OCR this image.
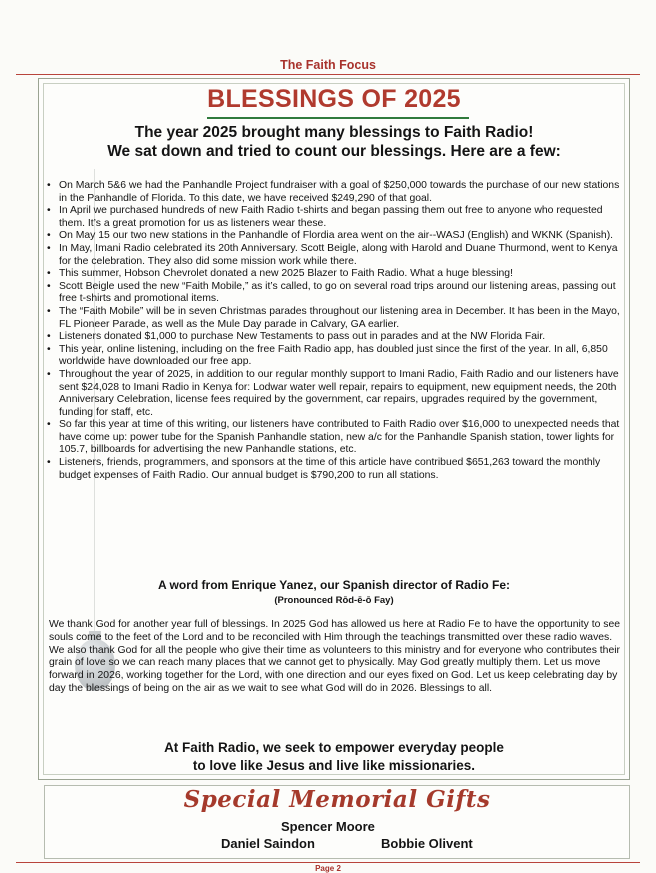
The Faith Focus
BLESSINGS OF 2025
The year 2025 brought many blessings to Faith Radio!
We sat down and tried to count our blessings. Here are a few:
• On March 5&6 we had the Panhandle Project fundraiser with a goal of $250,000 towards the purchase of our new stations in the Panhandle of Florida. To this date, we have received $249,290 of that goal.
• In April we purchased hundreds of new Faith Radio t-shirts and began passing them out free to anyone who requested them. It’s a great promotion for us as listeners wear these.
• On May 15 our two new stations in the Panhandle of Flordia area went on the air--WASJ (English) and WKNK (Spanish).
• In May, Imani Radio celebrated its 20th Anniversary. Scott Beigle, along with Harold and Duane Thurmond, went to Kenya for the celebration. They also did some mission work while there.
• This summer, Hobson Chevrolet donated a new 2025 Blazer to Faith Radio. What a huge blessing!
• Scott Beigle used the new “Faith Mobile,” as it’s called, to go on several road trips around our listening areas, passing out free t-shirts and promotional items.
• The “Faith Mobile” will be in seven Christmas parades throughout our listening area in December. It has been in the Mayo, FL Pioneer Parade, as well as the Mule Day parade in Calvary, GA earlier.
• Listeners donated $1,000 to purchase New Testaments to pass out in parades and at the NW Florida Fair.
• This year, online listening, including on the free Faith Radio app, has doubled just since the first of the year. In all, 6,850 worldwide have downloaded our free app.
• Throughout the year of 2025, in addition to our regular monthly support to Imani Radio, Faith Radio and our listeners have sent $24,028 to Imani Radio in Kenya for: Lodwar water well repair, repairs to equipment, new equipment needs, the 20th Anniversary Celebration, license fees required by the government, car repairs, upgrades required by the government, funding for staff, etc.
• So far this year at time of this writing, our listeners have contributed to Faith Radio over $16,000 to unexpected needs that have come up: power tube for the Spanish Panhandle station, new a/c for the Panhandle Spanish station, tower lights for 105.7, billboards for advertising the new Panhandle stations, etc.
• Listeners, friends, programmers, and sponsors at the time of this article have contribued $651,263 toward the monthly budget expenses of Faith Radio. Our annual budget is $790,200 to run all stations.
A word from Enrique Yanez, our Spanish director of Radio Fe:
(Pronounced Rōd-ē-ō Fay)

We thank God for another year full of blessings. In 2025 God has allowed us here at Radio Fe to have the opportunity to see souls come to the feet of the Lord and to be reconciled with Him through the teachings transmitted over these radio waves. We also thank God for all the people who give their time as volunteers to this ministry and for everyone who contributes their grain of love so we can reach many places that we cannot get to physically. May God greatly multiply them. Let us move forward in 2026, working together for the Lord, with one direction and our eyes fixed on God. Let us keep celebrating day by day the blessings of being on the air as we wait to see what God will do in 2026. Blessings to all.

At Faith Radio, we seek to empower everyday people
to love like Jesus and live like missionaries.
Special Memorial Gifts
Spencer Moore
Daniel Saindon	Bobbie Olivent
Page 2
